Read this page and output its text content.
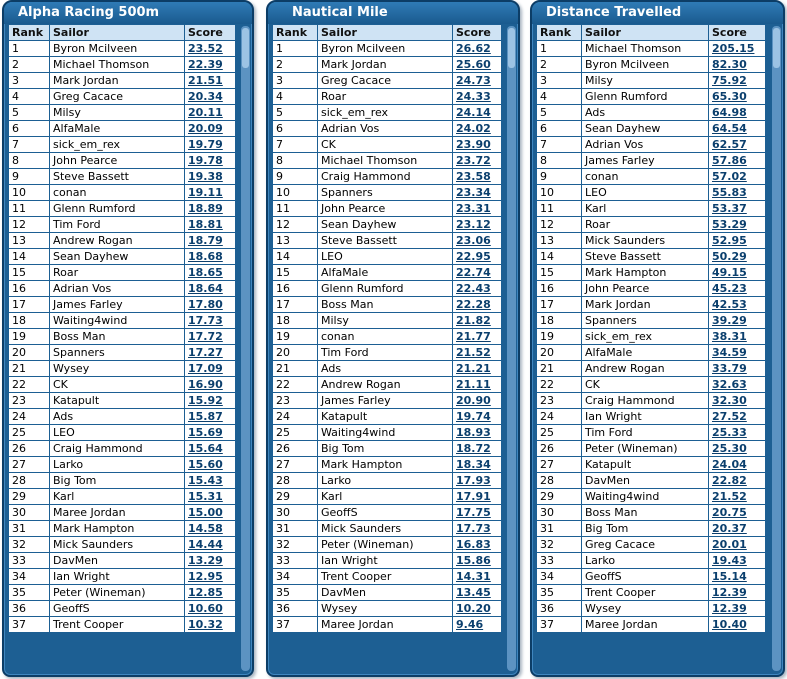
Alpha Racing 500m
Rank	Sailor	Score
1	Byron Mcilveen	23.52
2	Michael Thomson	22.39
3	Mark Jordan	21.51
4	Greg Cacace	20.34
5	Milsy	20.11
6	AlfaMale	20.09
7	sick_em_rex	19.79
8	John Pearce	19.78
9	Steve Bassett	19.38
10	conan	19.11
11	Glenn Rumford	18.89
12	Tim Ford	18.81
13	Andrew Rogan	18.79
14	Sean Dayhew	18.68
15	Roar	18.65
16	Adrian Vos	18.64
17	James Farley	17.80
18	Waiting4wind	17.73
19	Boss Man	17.72
20	Spanners	17.27
21	Wysey	17.09
22	CK	16.90
23	Katapult	15.92
24	Ads	15.87
25	LEO	15.69
26	Craig Hammond	15.64
27	Larko	15.60
28	Big Tom	15.43
29	Karl	15.31
30	Maree Jordan	15.00
31	Mark Hampton	14.58
32	Mick Saunders	14.44
33	DavMen	13.29
34	Ian Wright	12.95
35	Peter (Wineman)	12.85
36	GeoffS	10.60
37	Trent Cooper	10.32
Nautical Mile
Rank	Sailor	Score
1	Byron Mcilveen	26.62
2	Mark Jordan	25.60
3	Greg Cacace	24.73
4	Roar	24.33
5	sick_em_rex	24.14
6	Adrian Vos	24.02
7	CK	23.90
8	Michael Thomson	23.72
9	Craig Hammond	23.58
10	Spanners	23.34
11	John Pearce	23.31
12	Sean Dayhew	23.12
13	Steve Bassett	23.06
14	LEO	22.95
15	AlfaMale	22.74
16	Glenn Rumford	22.43
17	Boss Man	22.28
18	Milsy	21.82
19	conan	21.77
20	Tim Ford	21.52
21	Ads	21.21
22	Andrew Rogan	21.11
23	James Farley	20.90
24	Katapult	19.74
25	Waiting4wind	18.93
26	Big Tom	18.72
27	Mark Hampton	18.34
28	Larko	17.93
29	Karl	17.91
30	GeoffS	17.75
31	Mick Saunders	17.73
32	Peter (Wineman)	16.83
33	Ian Wright	15.86
34	Trent Cooper	14.31
35	DavMen	13.45
36	Wysey	10.20
37	Maree Jordan	9.46
Distance Travelled
Rank	Sailor	Score
1	Michael Thomson	205.15
2	Byron Mcilveen	82.30
3	Milsy	75.92
4	Glenn Rumford	65.30
5	Ads	64.98
6	Sean Dayhew	64.54
7	Adrian Vos	62.57
8	James Farley	57.86
9	conan	57.02
10	LEO	55.83
11	Karl	53.37
12	Roar	53.29
13	Mick Saunders	52.95
14	Steve Bassett	50.29
15	Mark Hampton	49.15
16	John Pearce	45.23
17	Mark Jordan	42.53
18	Spanners	39.29
19	sick_em_rex	38.31
20	AlfaMale	34.59
21	Andrew Rogan	33.79
22	CK	32.63
23	Craig Hammond	32.30
24	Ian Wright	27.52
25	Tim Ford	25.33
26	Peter (Wineman)	25.30
27	Katapult	24.04
28	DavMen	22.82
29	Waiting4wind	21.52
30	Boss Man	20.75
31	Big Tom	20.37
32	Greg Cacace	20.01
33	Larko	19.43
34	GeoffS	15.14
35	Trent Cooper	12.39
36	Wysey	12.39
37	Maree Jordan	10.40
